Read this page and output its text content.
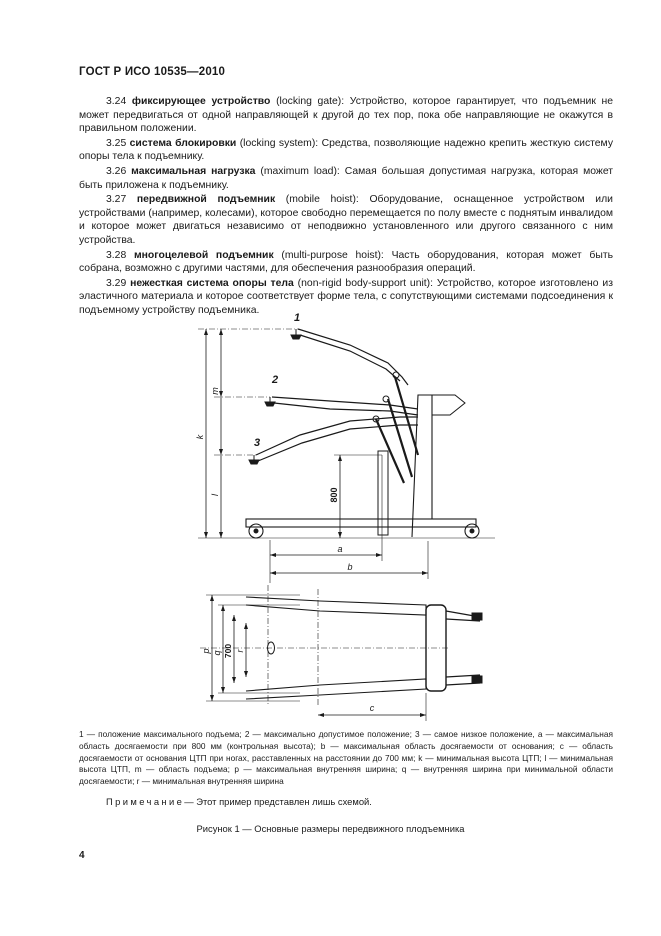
ГОСТ Р ИСО 10535—2010

3.24 фиксирующее устройство (locking gate): Устройство, которое гарантирует, что подъемник не может передвигаться от одной направляющей к другой до тех пор, пока обе направляющие не окажутся в правильном положении.

3.25 система блокировки (locking system): Средства, позволяющие надежно крепить жесткую систему опоры тела к подъемнику.

3.26 максимальная нагрузка (maximum load): Самая большая допустимая нагрузка, которая может быть приложена к подъемнику.

3.27 передвижной подъемник (mobile hoist): Оборудование, оснащенное устройством или устройствами (например, колесами), которое свободно перемещается по полу вместе с поднятым инвалидом и которое может двигаться независимо от неподвижно установленного или другого связанного с ним устройства.

3.28 многоцелевой подъемник (multi-purpose hoist): Часть оборудования, которая может быть собрана, возможно с другими частями, для обеспечения разнообразия операций.

3.29 нежесткая система опоры тела (non-rigid body-support unit): Устройство, которое изготовлено из эластичного материала и которое соответствует форме тела, с сопутствующими системами подсоединения к подъемному устройству подъемника.

1
2
3
m
k
l	800
a
b
p q 700 r
c

1 — положение максимального подъема; 2 — максимально допустимое положение; 3 — самое низкое положение, a — максимальная область досягаемости при 800 мм (контрольная высота); b — максимальная область досягаемости от основания; c — область досягаемости от основания ЦТП при ногах, расставленных на расстоянии до 700 мм; k — минимальная высота ЦТП; l — минимальная высота ЦТП, m — область подъема; p — максимальная внутренняя ширина; q — внутренняя ширина при минимальной области досягаемости; r — минимальная внутренняя ширина

Примечание— Этот пример представлен лишь схемой.
Рисунок 1 — Основные размеры передвижного плодъемника
4
